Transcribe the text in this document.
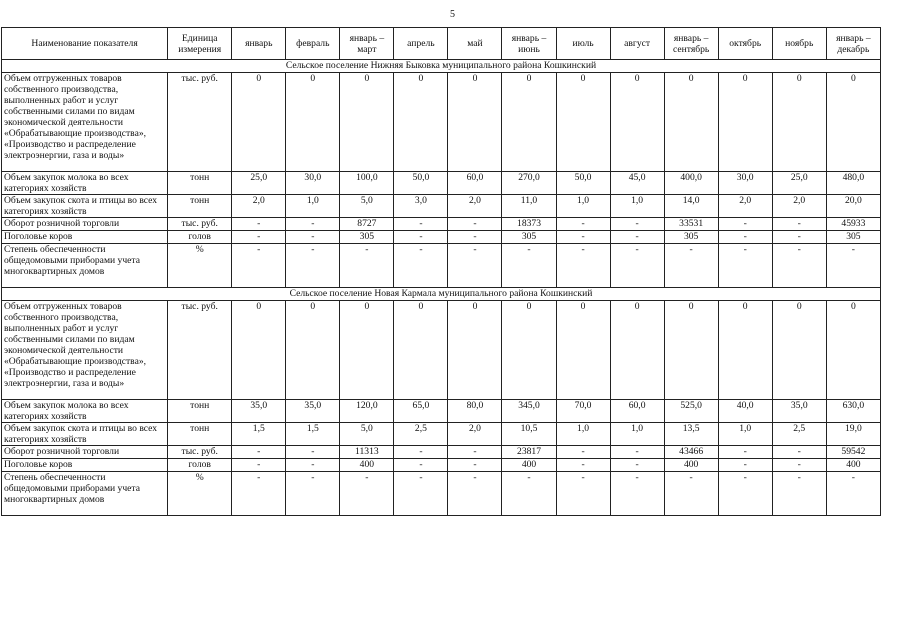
5
Наименование показателя	Единица измерения	январь	февраль	январь – март	апрель	май	январь – июнь	июль	август	январь – сентябрь	октябрь	ноябрь	январь – декабрь
Сельское поселение Нижняя Быковка муниципального района Кошкинский													
Объем отгруженных товаров собственного производства, выполненных работ и услуг собственными силами по видам экономической деятельности «Обрабатывающие производства», «Производство и распределение электроэнергии, газа и воды»	тыс. руб.	0	0	0	0	0	0	0	0	0	0	0	0
Объем закупок молока во всех категориях хозяйств	тонн	25,0	30,0	100,0	50,0	60,0	270,0	50,0	45,0	400,0	30,0	25,0	480,0
Объем закупок скота и птицы во всех категориях хозяйств	тонн	2,0	1,0	5,0	3,0	2,0	11,0	1,0	1,0	14,0	2,0	2,0	20,0
Оборот розничной торговли	тыс. руб.	-	-	8727	-	-	18373	-	-	33531	-	-	45933
Поголовье коров	голов	-	-	305	-	-	305	-	-	305	-	-	305
Степень обеспеченности общедомовыми приборами учета многоквартирных домов	%	-	-	-	-	-	-	-	-	-	-	-	-
Сельское поселение Новая Кармала муниципального района Кошкинский													
Объем отгруженных товаров собственного производства, выполненных работ и услуг собственными силами по видам экономической деятельности «Обрабатывающие производства», «Производство и распределение электроэнергии, газа и воды»	тыс. руб.	0	0	0	0	0	0	0	0	0	0	0	0
Объем закупок молока во всех категориях хозяйств	тонн	35,0	35,0	120,0	65,0	80,0	345,0	70,0	60,0	525,0	40,0	35,0	630,0
Объем закупок скота и птицы во всех категориях хозяйств	тонн	1,5	1,5	5,0	2,5	2,0	10,5	1,0	1,0	13,5	1,0	2,5	19,0
Оборот розничной торговли	тыс. руб.	-	-	11313	-	-	23817	-	-	43466	-	-	59542
Поголовье коров	голов	-	-	400	-	-	400	-	-	400	-	-	400
Степень обеспеченности общедомовыми приборами учета многоквартирных домов	%	-	-	-	-	-	-	-	-	-	-	-	-
